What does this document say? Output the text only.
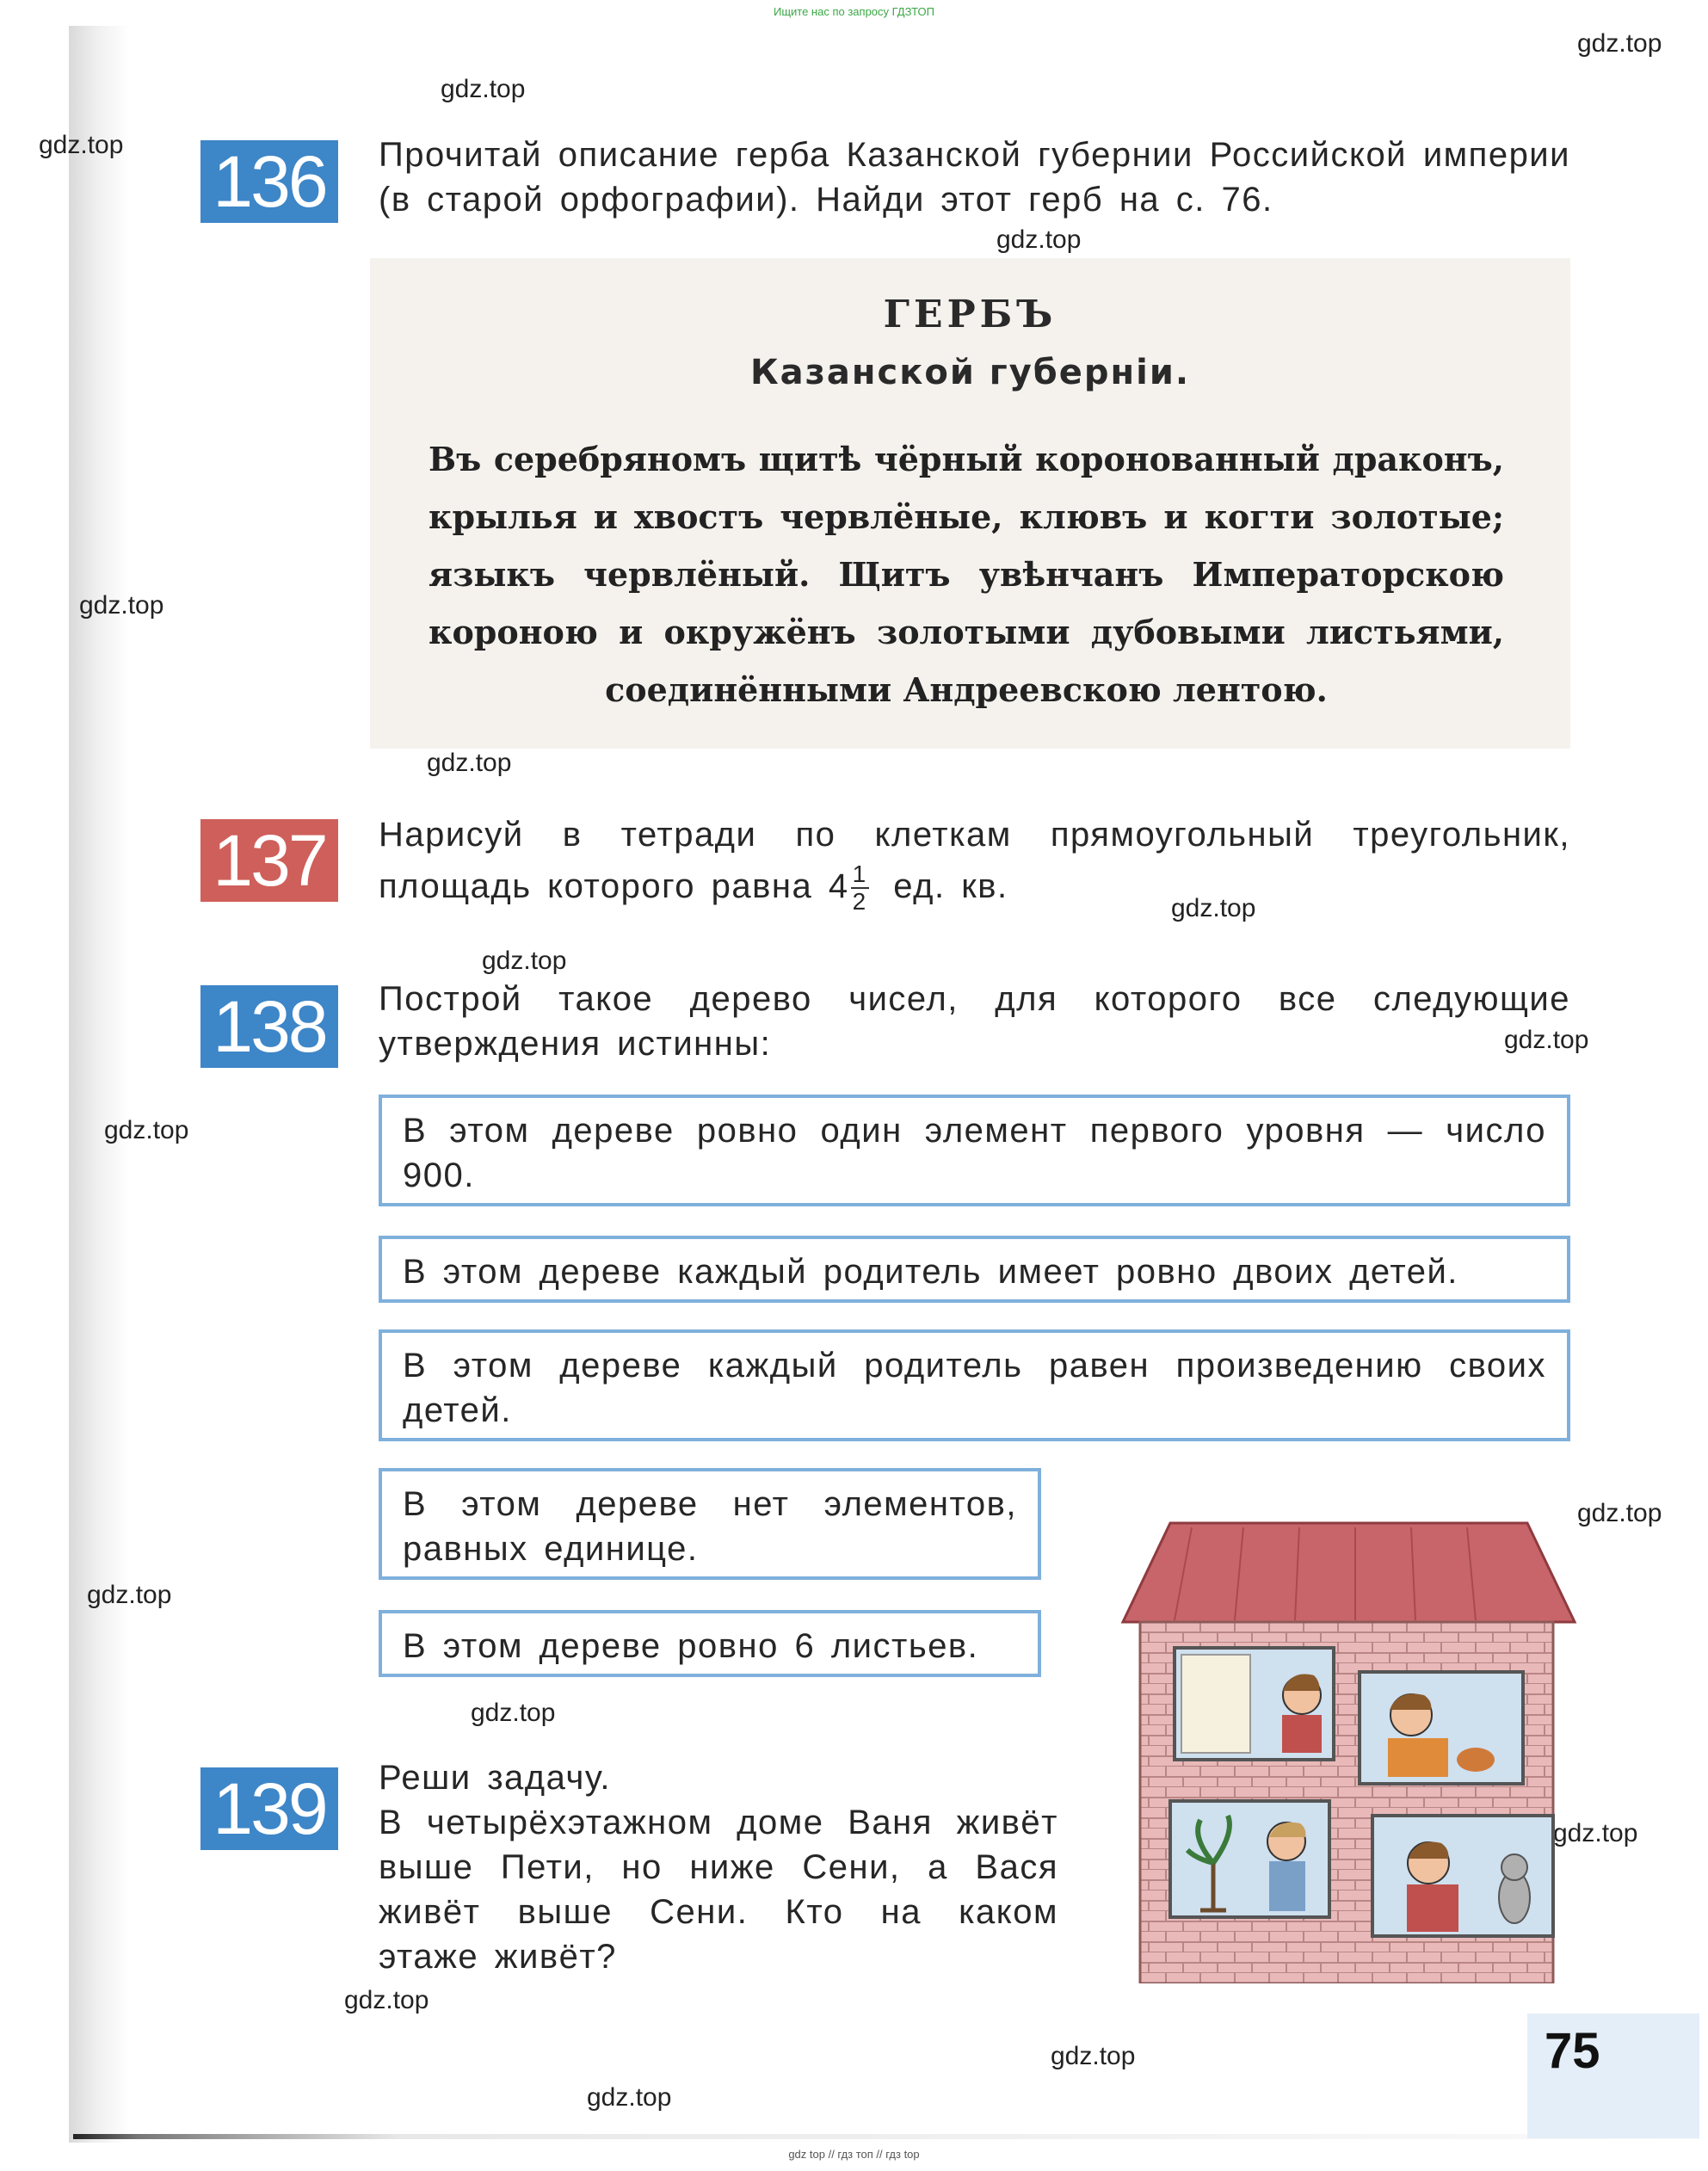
Ищите нас по запросу ГДЗТОП
gdz.top
gdz.top
gdz.top
gdz.top
gdz.top
gdz.top
gdz.top
gdz.top
gdz.top
gdz.top
gdz.top
gdz.top
gdz.top
gdz.top
gdz.top
gdz.top
gdz.top
136	Прочитай описание герба Казанской губернии Российской империи (в старой орфографии). Найди этот герб на с. 76.
ГЕРБЪ
Казанской губерніи.
Въ серебряномъ щитѣ чёрный коронованный драконъ, крылья и хвостъ червлёные, клювъ и когти золотые; языкъ червлёный. Щитъ увѣнчанъ Императорскою короною и окружёнъ золотыми дубовыми листьями, соединёнными Андреевскою лентою.
137	Нарисуй в тетради по клеткам прямоугольный треугольник, площадь которого равна $4 \frac{1}{2}$ ед. кв.
138	Построй такое дерево чисел, для которого все следующие утверждения истинны:
В этом дереве ровно один элемент первого уровня — число 900.
В этом дереве каждый родитель имеет ровно двоих детей.
В этом дереве каждый родитель равен произведению своих детей.
В этом дереве нет элементов, равных единице.
В этом дереве ровно 6 листьев.
139	Реши задачу.
В четырёхэтажном доме Ваня живёт выше Пети, но ниже Сени, а Вася живёт выше Сени. Кто на каком этаже живёт?
75
gdz top // гдз топ // гдз top
